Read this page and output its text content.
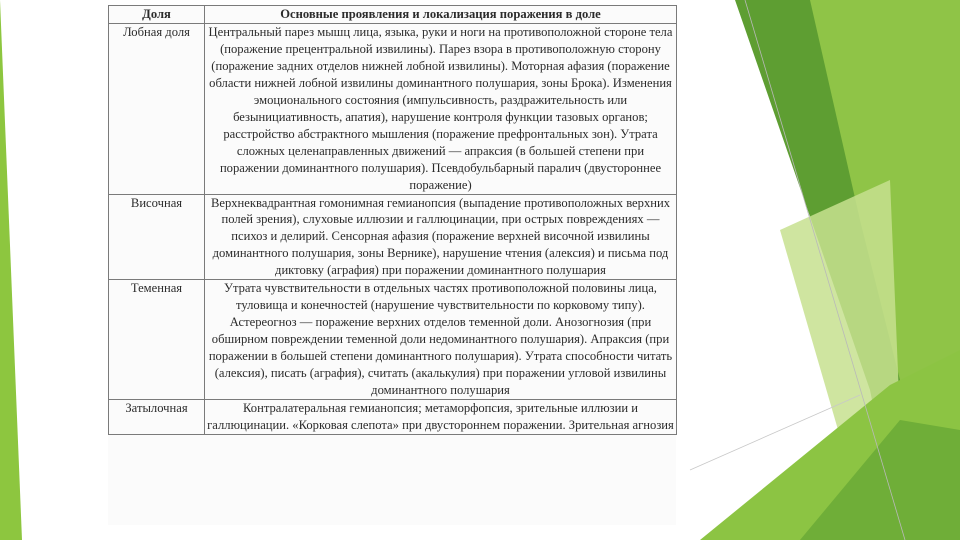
Доля	Основные проявления и локализация поражения в доле
Лобная доля	Центральный парез мышц лица, языка, руки и ноги на противоположной стороне тела (поражение прецентральной извилины). Парез взора в противоположную сторону (поражение задних отделов нижней лобной извилины). Моторная афазия (поражение области нижней лобной извилины доминантного полушария, зоны Брока). Изменения эмоционального состояния (импульсивность, раздражительность или безынициативность, апатия), нарушение контроля функции тазовых органов; расстройство абстрактного мышления (поражение префронтальных зон). Утрата сложных целенаправленных движений — апраксия (в большей степени при поражении доминантного полушария). Псевдобульбарный паралич (двустороннее поражение)
Височная	Верхнеквадрантная гомонимная гемианопсия (выпадение противоположных верхних полей зрения), слуховые иллюзии и галлюцинации, при острых повреждениях — психоз и делирий. Сенсорная афазия (поражение верхней височной извилины доминантного полушария, зоны Вернике), нарушение чтения (алексия) и письма под диктовку (аграфия) при поражении доминантного полушария
Теменная	Утрата чувствительности в отдельных частях противоположной половины лица, туловища и конечностей (нарушение чувствительности по корковому типу). Астереогноз — поражение верхних отделов теменной доли. Анозогнозия (при обширном повреждении теменной доли недоминантного полушария). Апраксия (при поражении в большей степени доминантного полушария). Утрата способности читать (алексия), писать (аграфия), считать (акалькулия) при поражении угловой извилины доминантного полушария
Затылочная	Контралатеральная гемианопсия; метаморфопсия, зрительные иллюзии и галлюцинации. «Корковая слепота» при двустороннем поражении. Зрительная агнозия
